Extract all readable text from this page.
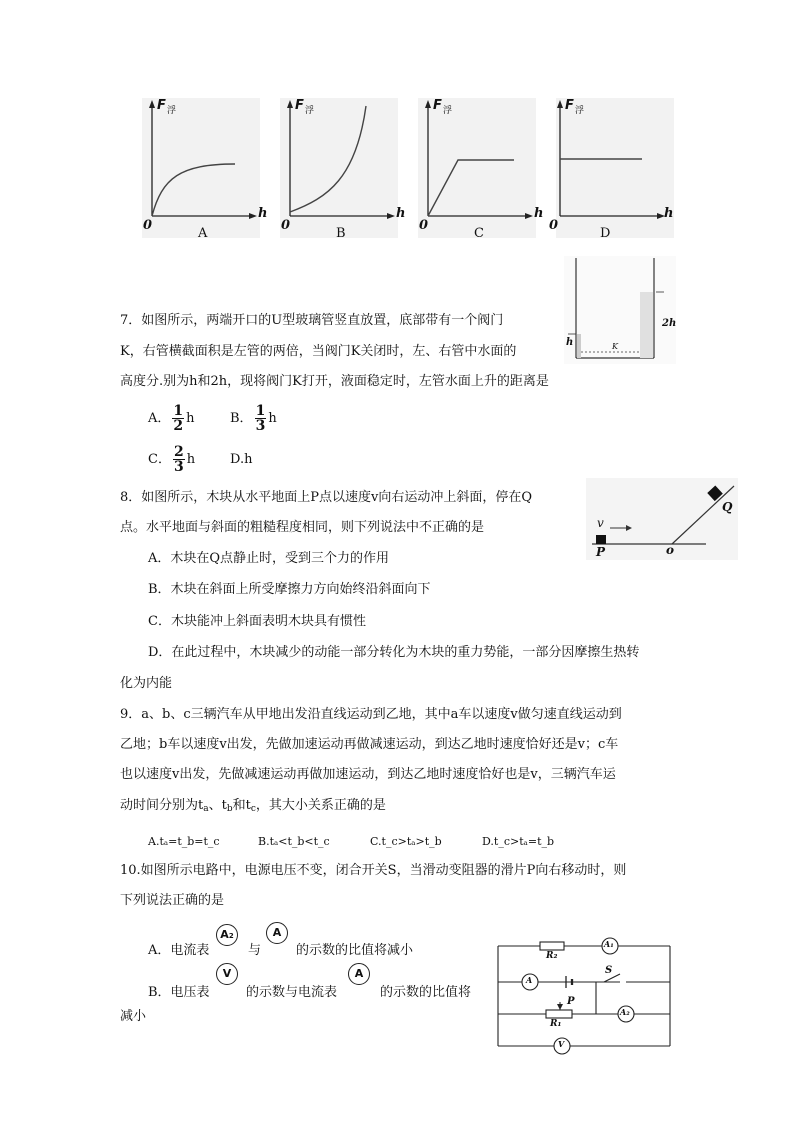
F 浮
0
h
A
F 浮
0
h
B
F 浮
0
h
C
F 浮
0
h
D
h
2h
K
7．如图所示，两端开口的U型玻璃管竖直放置，底部带有一个阀门
K，右管横截面积是左管的两倍，当阀门K关闭时，左、右管中水面的
高度分.别为h和2h，现将阀门K打开，液面稳定时，左管水面上升的距离是
A． $\frac{1}{2}$ h	B． $\frac{1}{3}$ h
C． $\frac{2}{3}$ h	D.h
v
P	o
Q
8．如图所示，木块从水平地面上P点以速度v向右运动冲上斜面，停在Q
点。水平地面与斜面的粗糙程度相同，则下列说法中不正确的是
A．木块在Q点静止时，受到三个力的作用
B．木块在斜面上所受摩擦力方向始终沿斜面向下
C．木块能冲上斜面表明木块具有惯性
D．在此过程中，木块减少的动能一部分转化为木块的重力势能，一部分因摩擦生热转
化为内能
9．a、b、c三辆汽车从甲地出发沿直线运动到乙地，其中a车以速度v做匀速直线运动到
乙地；b车以速度v出发，先做加速运动再做减速运动，到达乙地时速度恰好还是v；c车
也以速度v出发，先做减速运动再做加速运动，到达乙地时速度恰好也是v，三辆汽车运
动时间分别为$t_a$、$t_b$和$t_c$，其大小关系正确的是
A.tₐ=t_b=t_c	B.tₐ<t_b<t_c	C.t_c>tₐ>t_b	D.t_c>tₐ=t_b
10.如图所示电路中，电源电压不变，闭合开关S，当滑动变阻器的滑片P向右移动时，则
下列说法正确的是
A．电流表
A2
与
A
的示数的比值将减小
B．电压表
V
的示数与电流表
A
的示数的比值将
减小
R₂
R₁
S
P
A₁
A
A₂
V
